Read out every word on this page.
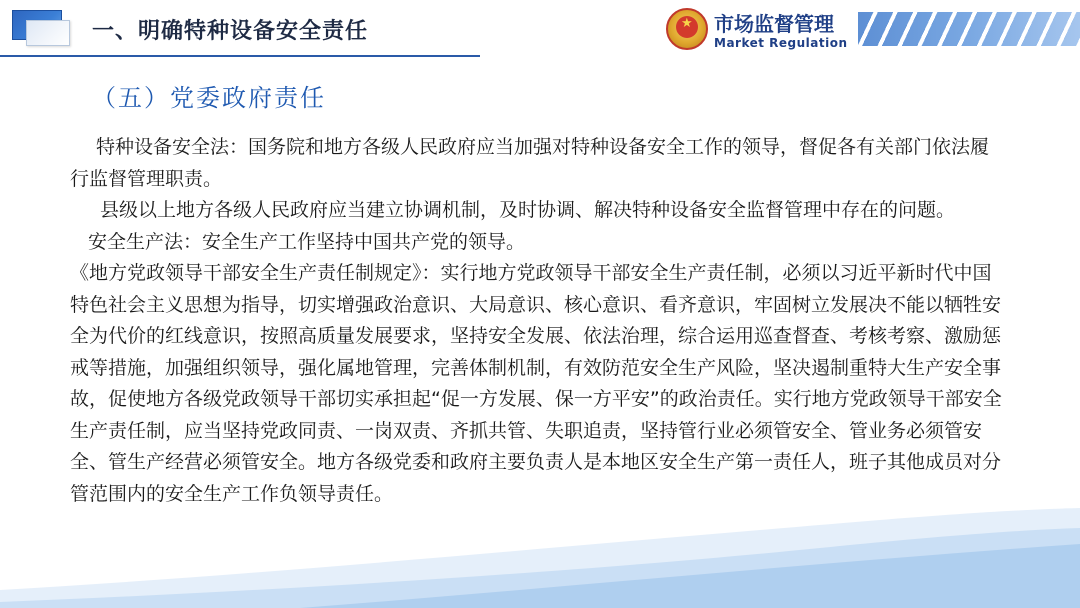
一、明确特种设备安全责任	★ 市场监督管理
Market Regulation
（五）党委政府责任

特种设备安全法：国务院和地方各级人民政府应当加强对特种设备安全工作的领导，督促各有关部门依法履行监督管理职责。

县级以上地方各级人民政府应当建立协调机制，及时协调、解决特种设备安全监督管理中存在的问题。

安全生产法：安全生产工作坚持中国共产党的领导。

《地方党政领导干部安全生产责任制规定》：实行地方党政领导干部安全生产责任制，必须以习近平新时代中国特色社会主义思想为指导，切实增强政治意识、大局意识、核心意识、看齐意识，牢固树立发展决不能以牺牲安全为代价的红线意识，按照高质量发展要求，坚持安全发展、依法治理，综合运用巡查督查、考核考察、激励惩戒等措施，加强组织领导，强化属地管理，完善体制机制，有效防范安全生产风险，坚决遏制重特大生产安全事故，促使地方各级党政领导干部切实承担起“促一方发展、保一方平安”的政治责任。实行地方党政领导干部安全生产责任制，应当坚持党政同责、一岗双责、齐抓共管、失职追责，坚持管行业必须管安全、管业务必须管安全、管生产经营必须管安全。地方各级党委和政府主要负责人是本地区安全生产第一责任人，班子其他成员对分管范围内的安全生产工作负领导责任。
